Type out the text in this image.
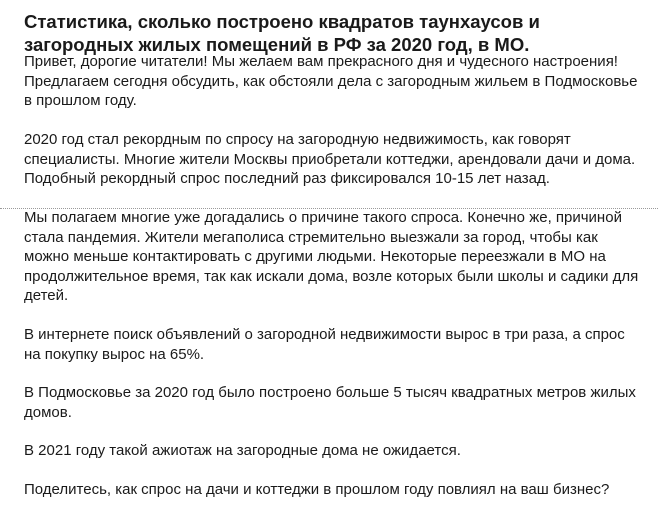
Статистика, сколько построено квадратов таунхаусов и загородных жилых помещений в РФ за 2020 год, в МО.

Привет, дорогие читатели! Мы желаем вам прекрасного дня и чудесного настроения! Предлагаем сегодня обсудить, как обстояли дела с загородным жильем в Подмосковье в прошлом году.

2020 год стал рекордным по спросу на загородную недвижимость, как говорят специалисты. Многие жители Москвы приобретали коттеджи, арендовали дачи и дома. Подобный рекордный спрос последний раз фиксировался 10-15 лет назад.

Мы полагаем многие уже догадались о причине такого спроса. Конечно же, причиной стала пандемия. Жители мегаполиса стремительно выезжали за город, чтобы как можно меньше контактировать с другими людьми. Некоторые переезжали в МО на продолжительное время, так как искали дома, возле которых были школы и садики для детей.

В интернете поиск объявлений о загородной недвижимости вырос в три раза, а спрос на покупку вырос на 65%.

В Подмосковье за 2020 год было построено больше 5 тысяч квадратных метров жилых домов.

В 2021 году такой ажиотаж на загородные дома не ожидается.

Поделитесь, как спрос на дачи и коттеджи в прошлом году повлиял на ваш бизнес?
